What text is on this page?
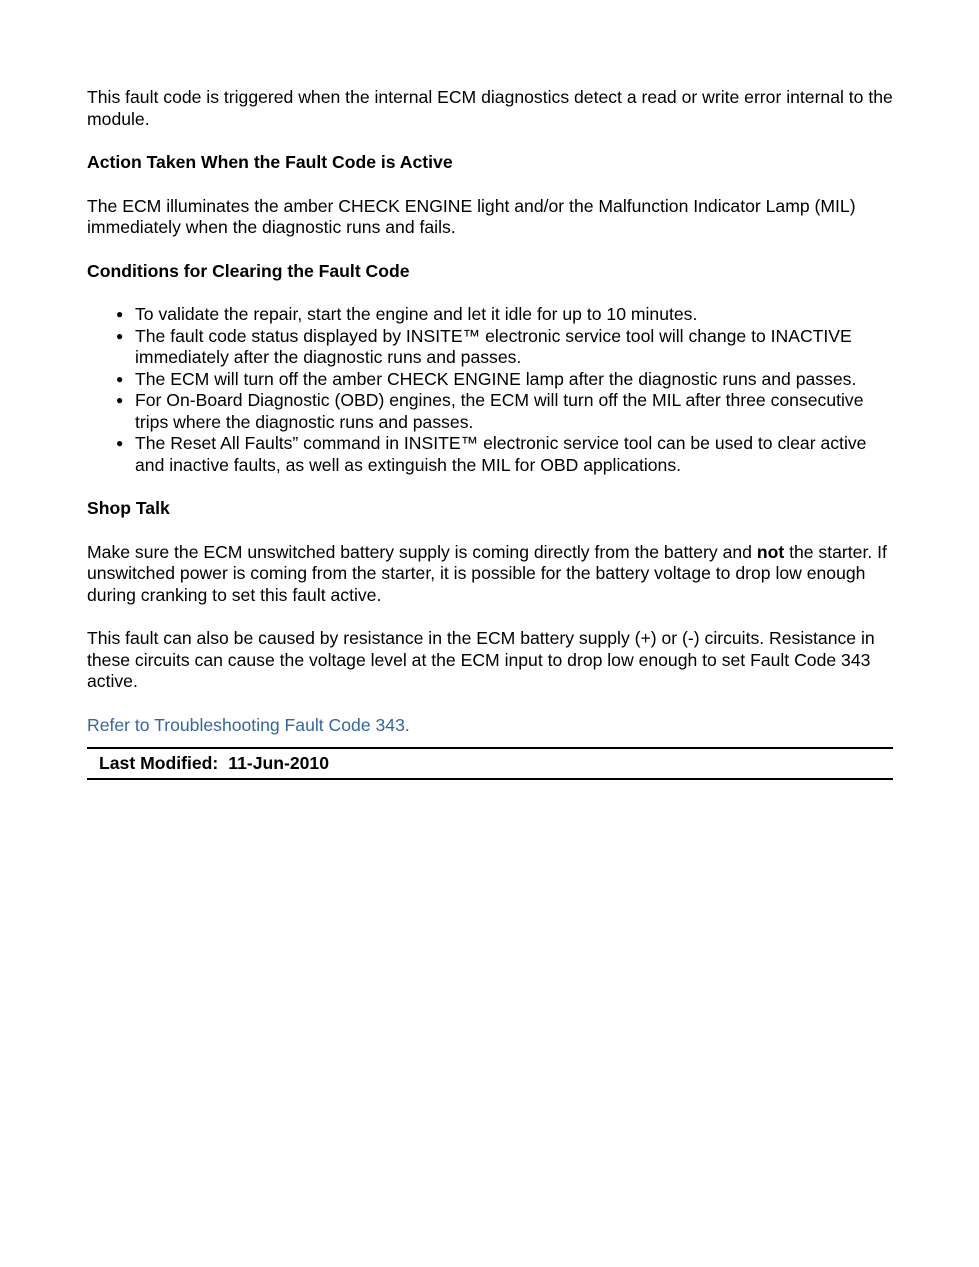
This fault code is triggered when the internal ECM diagnostics detect a read or write error internal to the module.

Action Taken When the Fault Code is Active

The ECM illuminates the amber CHECK ENGINE light and/or the Malfunction Indicator Lamp (MIL) immediately when the diagnostic runs and fails.

Conditions for Clearing the Fault Code
● To validate the repair, start the engine and let it idle for up to 10 minutes.
● The fault code status displayed by INSITE™ electronic service tool will change to INACTIVE immediately after the diagnostic runs and passes.
● The ECM will turn off the amber CHECK ENGINE lamp after the diagnostic runs and passes.
● For On-Board Diagnostic (OBD) engines, the ECM will turn off the MIL after three consecutive trips where the diagnostic runs and passes.
● The Reset All Faults” command in INSITE™ electronic service tool can be used to clear active and inactive faults, as well as extinguish the MIL for OBD applications.
Shop Talk

Make sure the ECM unswitched battery supply is coming directly from the battery and not the starter. If unswitched power is coming from the starter, it is possible for the battery voltage to drop low enough during cranking to set this fault active.

This fault can also be caused by resistance in the ECM battery supply (+) or (-) circuits. Resistance in these circuits can cause the voltage level at the ECM input to drop low enough to set Fault Code 343 active.

Refer to Troubleshooting Fault Code 343.

Last Modified: 11-Jun-2010
